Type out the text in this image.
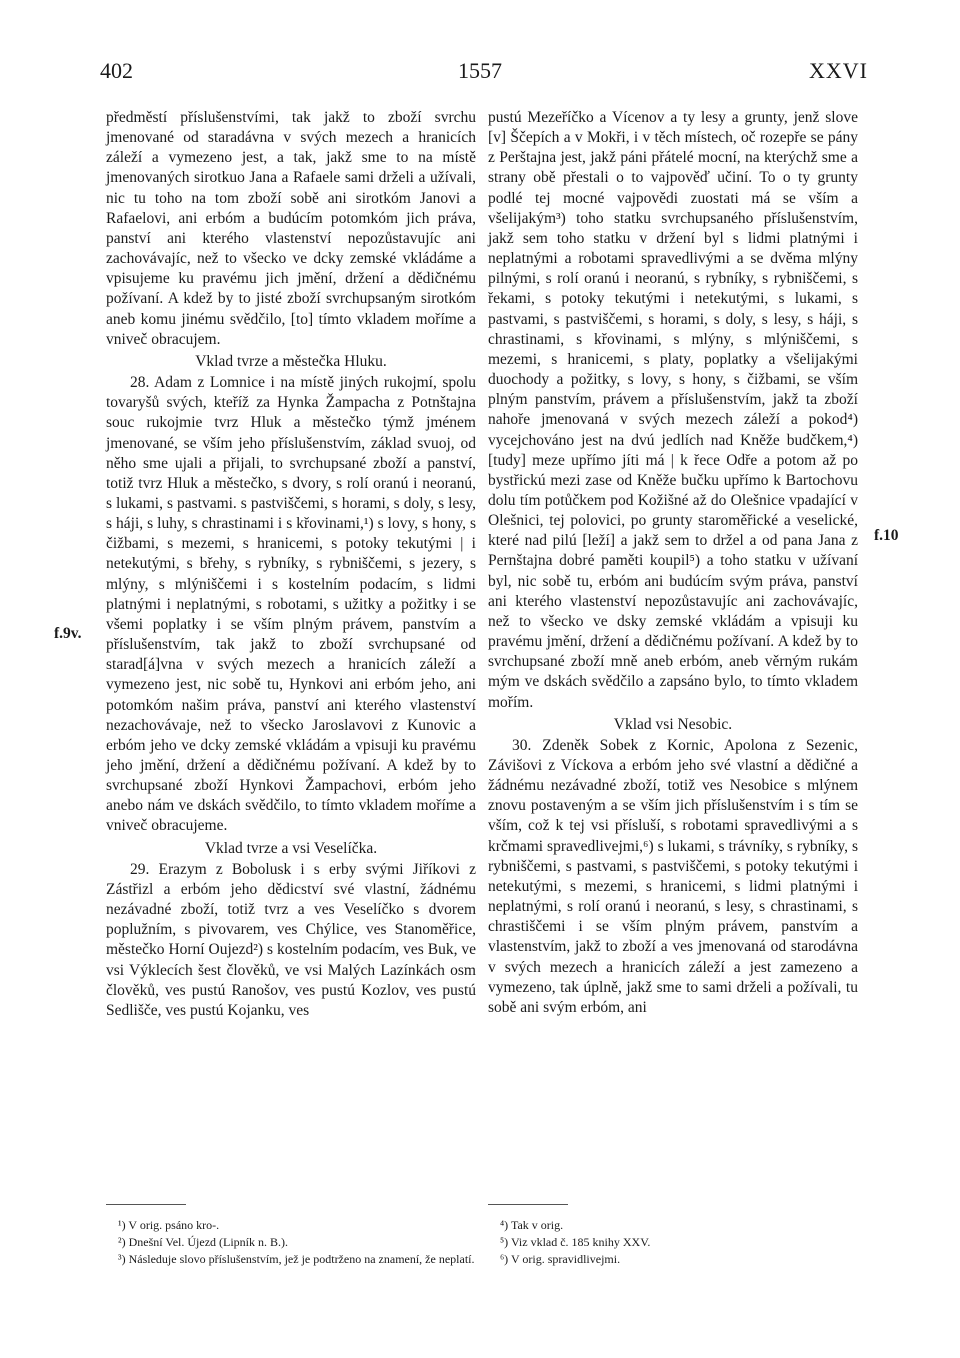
402	1557	XXVI
f.9v.
f.10

předměstí příslušenstvími, tak jakž to zboží svrchu jmenované od staradávna v svých mezech a hranicích záleží a vymezeno jest, a tak, jakž sme to na místě jmenovaných sirotkuo Jana a Rafaele sami drželi a užívali, nic tu toho na tom zboží sobě ani sirotkóm Janovi a Rafaelovi, ani erbóm a budúcím potomkóm jich práva, panství ani kterého vlastenství nepozůstavujíc ani zachovávajíc, než to všecko ve dcky zemské vkládáme a vpisujeme ku pravému jich jmění, držení a dědičnému požívaní. A kdež by to jisté zboží svrchupsaným sirotkóm aneb komu jinému svědčilo, [to] tímto vkladem moříme a vniveč obracujem.

Vklad tvrze a městečka Hluku.

28. Adam z Lomnice i na místě jiných rukojmí, spolu tovaryšů svých, kteříž za Hynka Žampacha z Potnštajna souc rukojmie tvrz Hluk a městečko týmž jménem jmenované, se vším jeho příslušenstvím, základ svuoj, od něho sme ujali a přijali, to svrchupsané zboží a panství, totiž tvrz Hluk a městečko, s dvory, s rolí oranú i neoranú, s lukami, s pastvami. s pastviščemi, s horami, s doly, s lesy, s háji, s luhy, s chrastinami i s křovinami,¹) s lovy, s hony, s čižbami, s mezemi, s hranicemi, s potoky tekutými | i netekutými, s břehy, s rybníky, s rybniščemi, s jezery, s mlýny, s mlýniščemi i s kostelním podacím, s lidmi platnými i neplatnými, s robotami, s užitky a požitky i se všemi poplatky i se vším plným právem, panstvím a příslušenstvím, tak jakž to zboží svrchupsané od starad[á]vna v svých mezech a hranicích záleží a vymezeno jest, nic sobě tu, Hynkovi ani erbóm jeho, ani potomkóm našim práva, panství ani kterého vlastenství nezachovávaje, než to všecko Jaroslavovi z Kunovic a erbóm jeho ve dcky zemské vkládám a vpisuji ku pravému jeho jmění, držení a dědičnému požívaní. A kdež by to svrchupsané zboží Hynkovi Žampachovi, erbóm jeho anebo nám ve dskách svědčilo, to tímto vkladem moříme a vniveč obracujeme.

Vklad tvrze a vsi Veselíčka.

29. Erazym z Bobolusk i s erby svými Jiříkovi z Zástřizl a erbóm jeho dědicství své vlastní, žádnému nezávadné zboží, totiž tvrz a ves Veselíčko s dvorem poplužním, s pivovarem, ves Chýlice, ves Stanoměřice, městečko Horní Oujezd²) s kostelním podacím, ves Buk, ve vsi Výklecích šest člověků, ve vsi Malých Lazínkách osm člověků, ves pustú Ranošov, ves pustú Kozlov, ves pustú Sedlišče, ves pustú Kojanku, ves

pustú Mezeříčko a Vícenov a ty lesy a grunty, jenž slove [v] Ščepích a v Mokři, i v těch místech, oč rozepře se pány z Perštajna jest, jakž páni přátelé mocní, na kterýchž sme a strany obě přestali o to vajpověď učiní. To o ty grunty podlé tej mocné vajpovědi zuostati má se vším a všelijakým³) toho statku svrchupsaného příslušenstvím, jakž sem toho statku v držení byl s lidmi platnými i neplatnými a robotami spravedlivými a se dvěma mlýny pilnými, s rolí oranú i neoranú, s rybníky, s rybniščemi, s řekami, s potoky tekutými i netekutými, s lukami, s pastvami, s pastviščemi, s horami, s doly, s lesy, s háji, s chrastinami, s křovinami, s mlýny, s mlýniščemi, s mezemi, s hranicemi, s platy, poplatky a všelijakými duochody a požitky, s lovy, s hony, s čižbami, se vším plným panstvím, právem a příslušenstvím, jakž ta zboží nahoře jmenovaná v svých mezech záleží a pokod⁴) vycejchováno jest na dvú jedlích nad Kněže budčkem,⁴) [tudy] meze upřímo jíti má | k řece Odře a potom až po bystřickú mezi zase od Kněže bučku upřímo k Bartochovu dolu tím potůčkem pod Kožišné až do Olešnice vpadající v Olešnici, tej polovici, po grunty staroměřické a veselické, které nad pilú [leží] a jakž sem to držel a od pana Jana z Pernštajna dobré paměti koupil⁵) a toho statku v užívaní byl, nic sobě tu, erbóm ani budúcím svým práva, panství ani kterého vlastenství nepozůstavujíc ani zachovávajíc, než to všecko ve dsky zemské vkládám a vpisuji ku pravému jmění, držení a dědičnému požívaní. A kdež by to svrchupsané zboží mně aneb erbóm, aneb věrným rukám mým ve dskách svědčilo a zapsáno bylo, to tímto vkladem mořím.

Vklad vsi Nesobic.

30. Zdeněk Sobek z Kornic, Apolona z Sezenic, Závišovi z Víckova a erbóm jeho své vlastní a dědičné a žádnému nezávadné zboží, totiž ves Nesobice s mlýnem znovu postaveným a se vším jich příslušenstvím i s tím se vším, což k tej vsi přísluší, s robotami spravedlivými a s krčmami spravedlivejmi,⁶) s lukami, s trávníky, s rybníky, s rybniščemi, s pastvami, s pastviščemi, s potoky tekutými i netekutými, s mezemi, s hranicemi, s lidmi platnými i neplatnými, s rolí oranú i neoranú, s lesy, s chrastinami, s chrastiščemi i se vším plným právem, panstvím a vlastenstvím, jakž to zboží a ves jmenovaná od starodávna v svých mezech a hranicích záleží a jest zamezeno a vymezeno, tak úplně, jakž sme to sami drželi a požívali, tu sobě ani svým erbóm, ani

¹) V orig. psáno kro-.

²) Dnešní Vel. Újezd (Lipník n. B.).

³) Následuje slovo příslušenstvím, jež je podtrženo na znamení, že neplatí.

⁴) Tak v orig.

⁵) Viz vklad č. 185 knihy XXV.

⁶) V orig. spravidlivejmi.
